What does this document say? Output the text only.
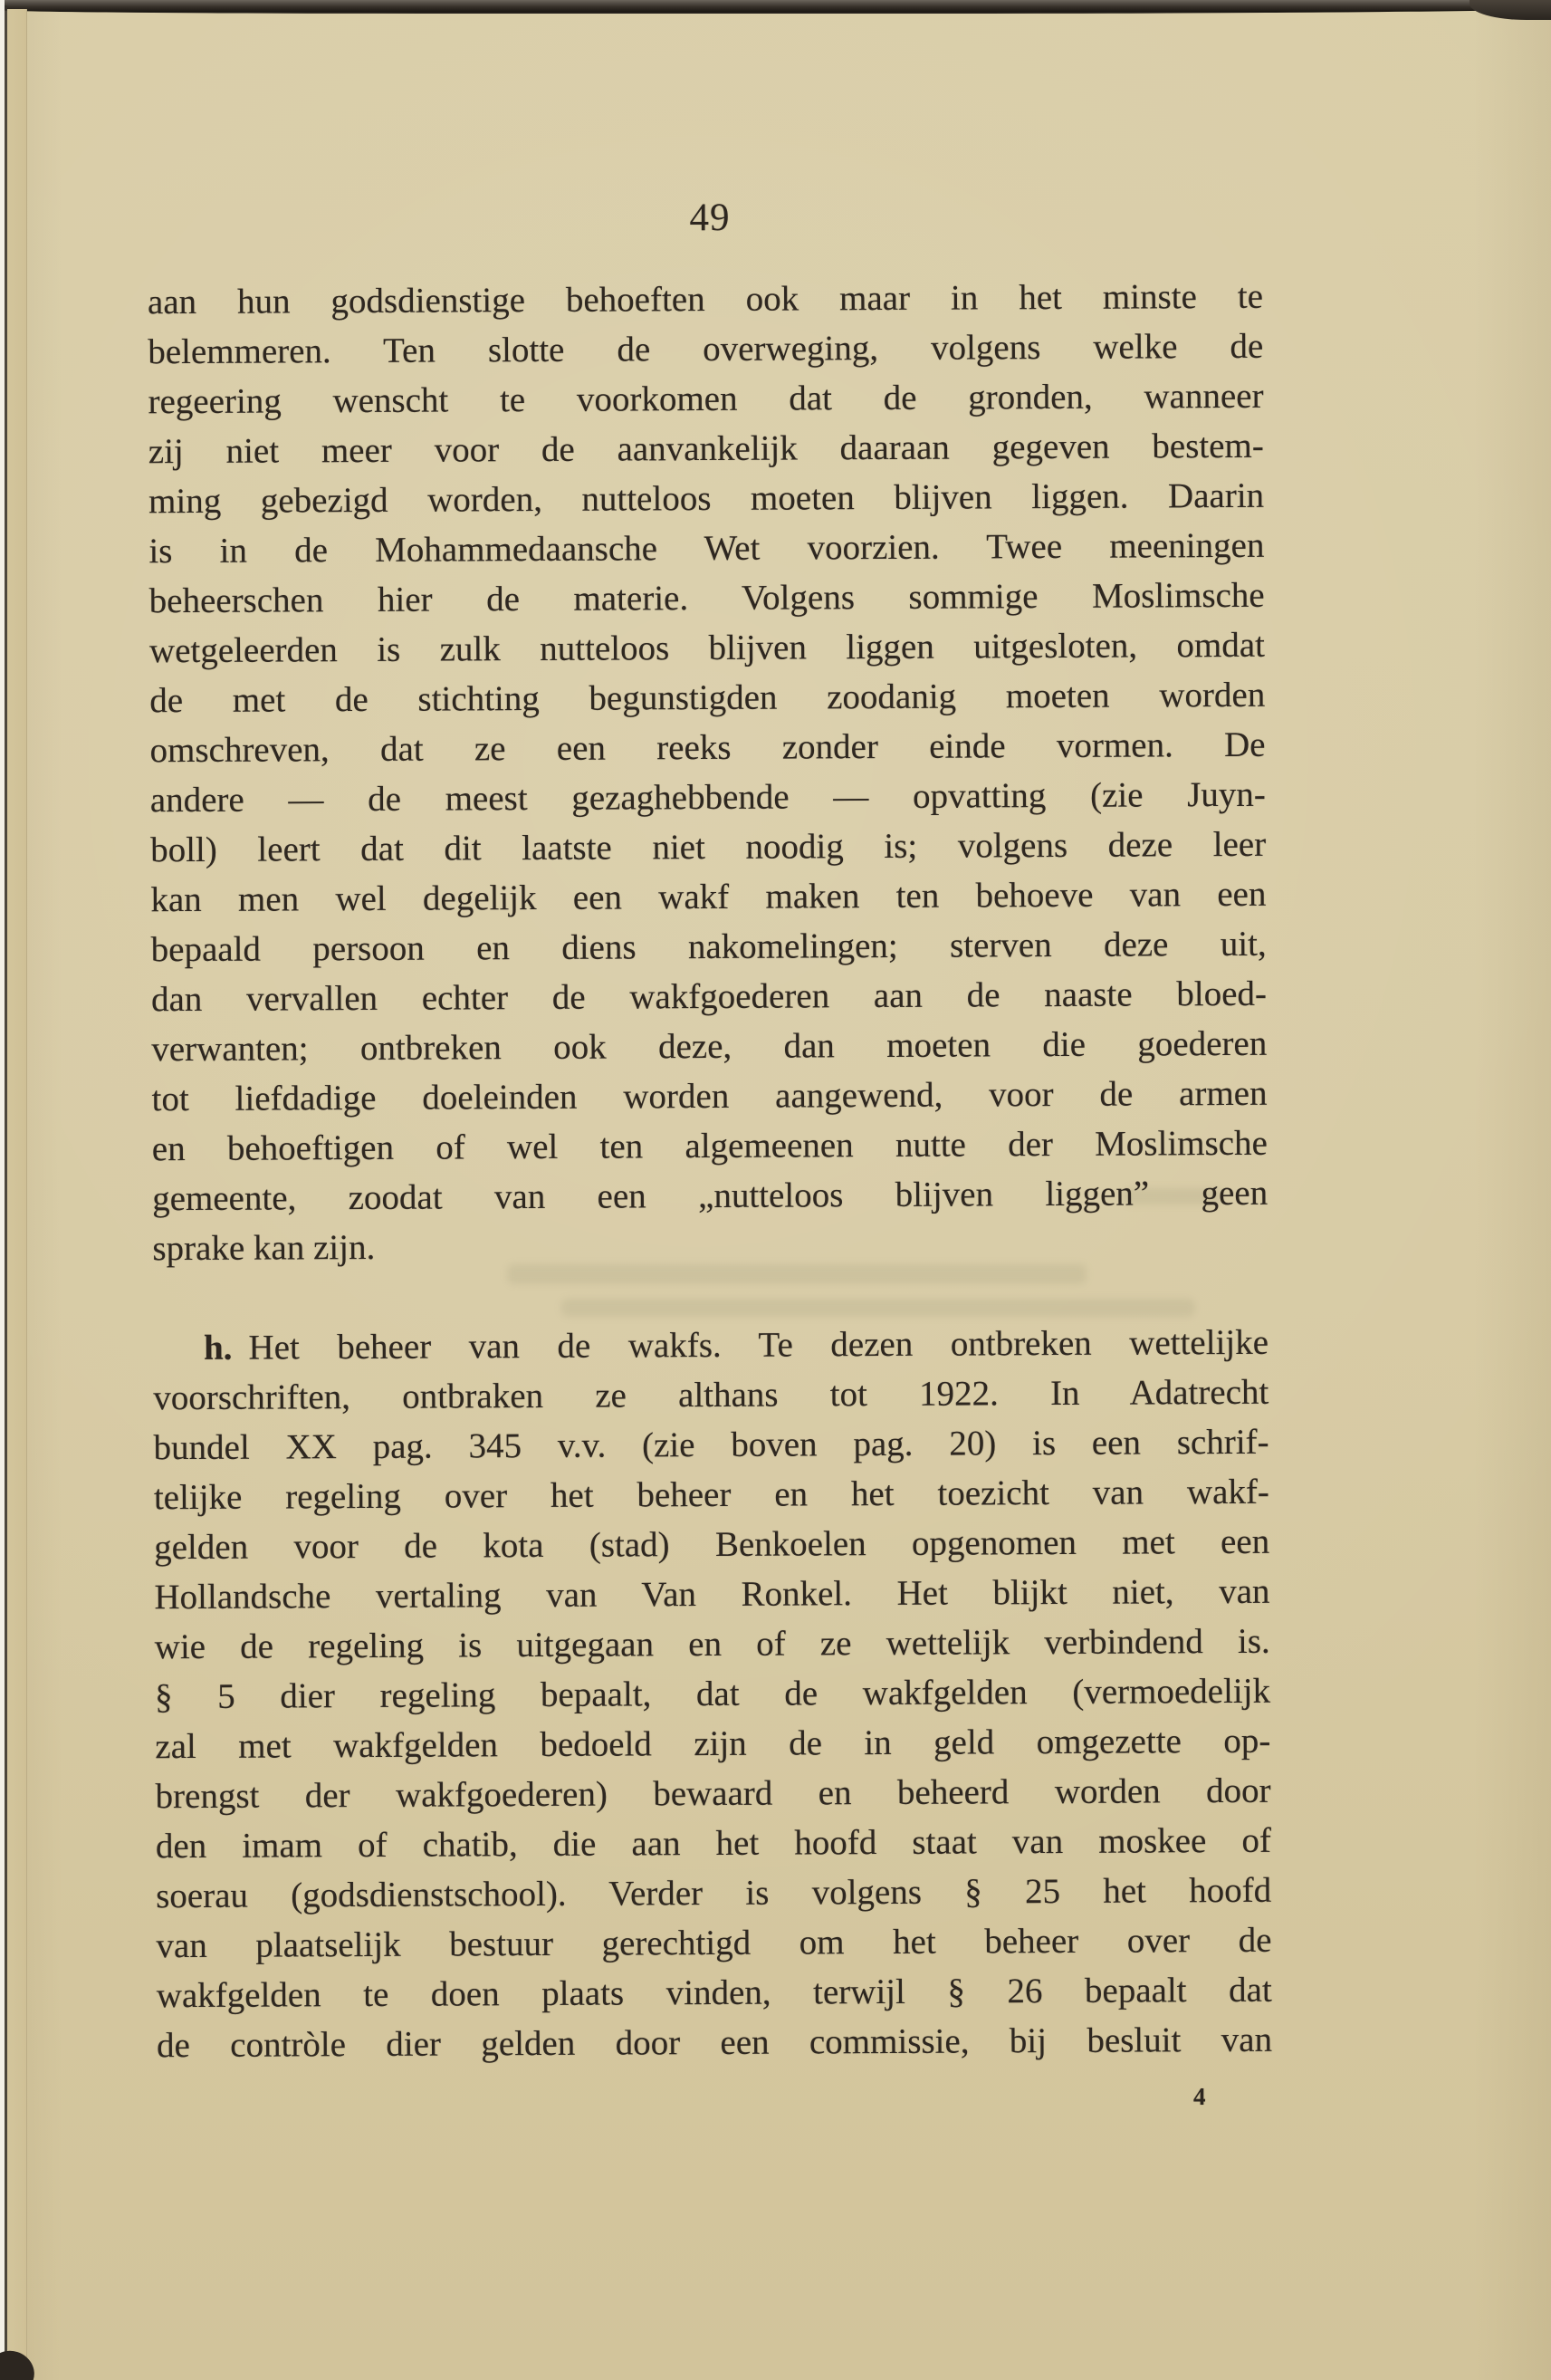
49
aan hun godsdienstige behoeften ook maar in het minste te
belemmeren. Ten slotte de overweging, volgens welke de
regeering wenscht te voorkomen dat de gronden, wanneer
zij niet meer voor de aanvankelijk daaraan gegeven bestem-
ming gebezigd worden, nutteloos moeten blijven liggen. Daarin
is in de Mohammedaansche Wet voorzien. Twee meeningen
beheerschen hier de materie. Volgens sommige Moslimsche
wetgeleerden is zulk nutteloos blijven liggen uitgesloten, omdat
de met de stichting begunstigden zoodanig moeten worden
omschreven, dat ze een reeks zonder einde vormen. De
andere — de meest gezaghebbende — opvatting (zie Juyn-
boll) leert dat dit laatste niet noodig is; volgens deze leer
kan men wel degelijk een wakf maken ten behoeve van een
bepaald persoon en diens nakomelingen; sterven deze uit,
dan vervallen echter de wakfgoederen aan de naaste bloed-
verwanten; ontbreken ook deze, dan moeten die goederen
tot liefdadige doeleinden worden aangewend, voor de armen
en behoeftigen of wel ten algemeenen nutte der Moslimsche
gemeente, zoodat van een „nutteloos blijven liggen” geen
sprake kan zijn.
h. Het beheer van de wakfs. Te dezen ontbreken wettelijke
voorschriften, ontbraken ze althans tot 1922. In Adatrecht
bundel XX pag. 345 v.v. (zie boven pag. 20) is een schrif-
telijke regeling over het beheer en het toezicht van wakf-
gelden voor de kota (stad) Benkoelen opgenomen met een
Hollandsche vertaling van Van Ronkel. Het blijkt niet, van
wie de regeling is uitgegaan en of ze wettelijk verbindend is.
§ 5 dier regeling bepaalt, dat de wakfgelden (vermoedelijk
zal met wakfgelden bedoeld zijn de in geld omgezette op-
brengst der wakfgoederen) bewaard en beheerd worden door
den imam of chatib, die aan het hoofd staat van moskee of
soerau (godsdienstschool). Verder is volgens § 25 het hoofd
van plaatselijk bestuur gerechtigd om het beheer over de
wakfgelden te doen plaats vinden, terwijl § 26 bepaalt dat
de contròle dier gelden door een commissie, bij besluit van
4
